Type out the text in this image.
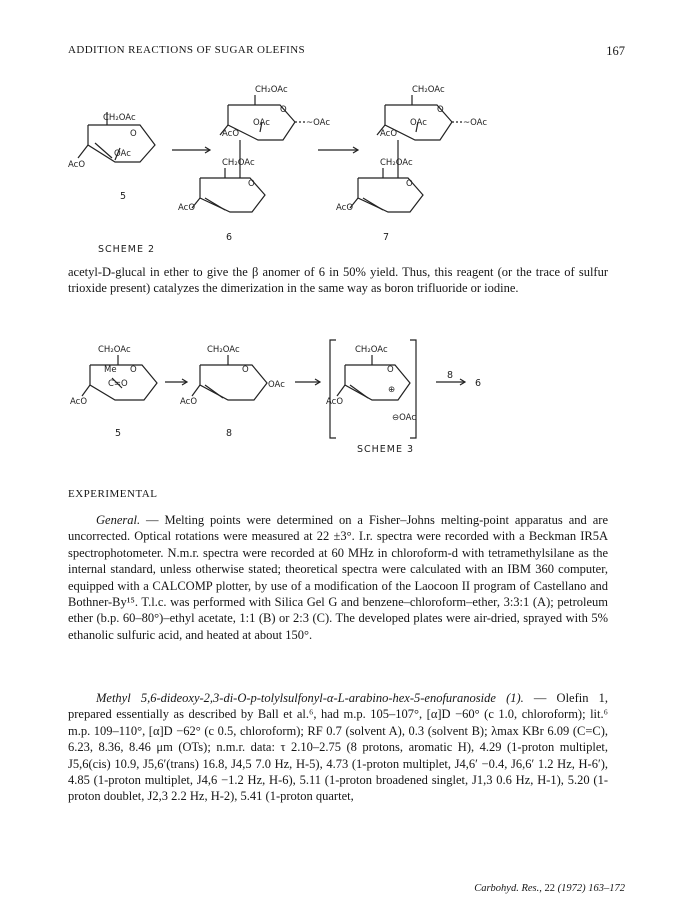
ADDITION REACTIONS OF SUGAR OLEFINS	167
CH₂OAc
O
OAc
AcO
CH₂OAc
O
OAc
AcO
~OAc
CH₂OAc
O
AcO
CH₂OAc
O
OAc
AcO
~OAc
CH₂OAc
O
AcO
5
6	7
SCHEME 2

acetyl-D-glucal in ether to give the β anomer of 6 in 50% yield. Thus, this reagent (or the trace of sulfur trioxide present) catalyzes the dimerization in the same way as boron trifluoride or iodine.

CH₂OAc
Me O
C=O
AcO
CH₂OAc
O
OAc
AcO
CH₂OAc
O
⊕
AcO
⊖OAc
8
6
5	8
SCHEME 3
EXPERIMENTAL

General. — Melting points were determined on a Fisher–Johns melting-point apparatus and are uncorrected. Optical rotations were measured at 22 ±3°. I.r. spectra were recorded with a Beckman IR5A spectrophotometer. N.m.r. spectra were recorded at 60 MHz in chloroform-d with tetramethylsilane as the internal standard, unless otherwise stated; theoretical spectra were calculated with an IBM 360 computer, equipped with a CALCOMP plotter, by use of a modification of the Laocoon II program of Castellano and Bothner-By¹⁵. T.l.c. was performed with Silica Gel G and benzene–chloroform–ether, 3:3:1 (A); petroleum ether (b.p. 60–80°)–ethyl acetate, 1:1 (B) or 2:3 (C). The developed plates were air-dried, sprayed with 5% ethanolic sulfuric acid, and heated at about 150°.

Methyl 5,6-dideoxy-2,3-di-O-p-tolylsulfonyl-α-L-arabino-hex-5-enofuranoside (1). — Olefin 1, prepared essentially as described by Ball et al.⁶, had m.p. 105–107°, [α]D −60° (c 1.0, chloroform); lit.⁶ m.p. 109–110°, [α]D −62° (c 0.5, chloroform); RF 0.7 (solvent A), 0.3 (solvent B); λmax KBr 6.09 (C=C), 6.23, 8.36, 8.46 μm (OTs); n.m.r. data: τ 2.10–2.75 (8 protons, aromatic H), 4.29 (1-proton multiplet, J5,6(cis) 10.9, J5,6′(trans) 16.8, J4,5 7.0 Hz, H-5), 4.73 (1-proton multiplet, J4,6′ −0.4, J6,6′ 1.2 Hz, H-6′), 4.85 (1-proton multiplet, J4,6 −1.2 Hz, H-6), 5.11 (1-proton broadened singlet, J1,3 0.6 Hz, H-1), 5.20 (1-proton doublet, J2,3 2.2 Hz, H-2), 5.41 (1-proton quartet,

Carbohyd. Res., 22 (1972) 163–172
